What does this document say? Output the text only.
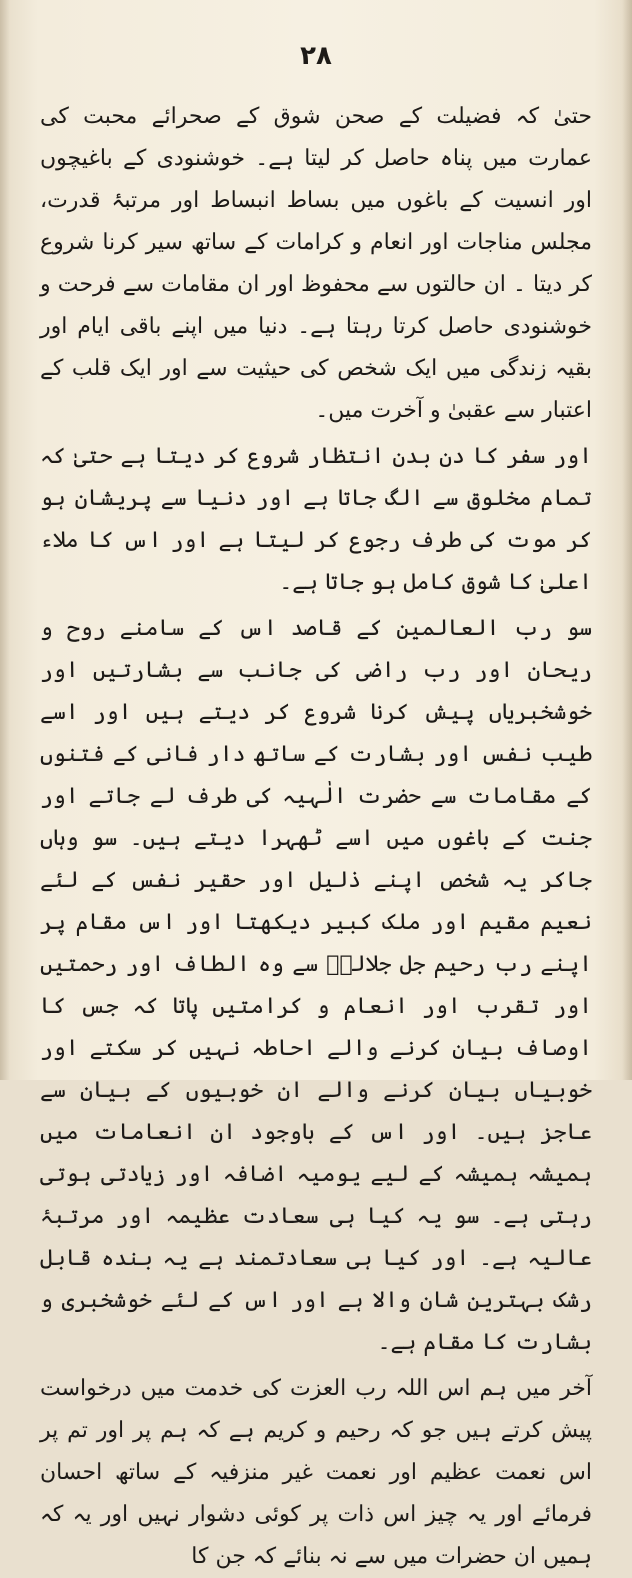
۲۸

حتیٰ کہ فضیلت کے صحن شوق کے صحرائے محبت کی عمارت میں پناہ حاصل کر لیتا ہے۔ خوشنودی کے باغیچوں اور انسیت کے باغوں میں بساط انبساط اور مرتبۂ قدرت، مجلس مناجات اور انعام و کرامات کے ساتھ سیر کرنا شروع کر دیتا ۔ ان حالتوں سے محفوظ اور ان مقامات سے فرحت و خوشنودی حاصل کرتا رہتا ہے۔ دنیا میں اپنے باقی ایام اور بقیہ زندگی میں ایک شخص کی حیثیت سے اور ایک قلب کے اعتبار سے عقبیٰ و آخرت میں۔

اور سفر کا دن بدن انتظار شروع کر دیتا ہے حتیٰ کہ تمام مخلوق سے الگ جاتا ہے اور دنیا سے پریشان ہو کر موت کی طرف رجوع کر لیتا ہے اور اس کا ملاء اعلیٰ کا شوق کامل ہو جاتا ہے۔

سو رب العالمین کے قاصد اس کے سامنے روح و ریحان اور رب راضی کی جانب سے بشارتیں اور خوشخبریاں پیش کرنا شروع کر دیتے ہیں اور اسے طیب نفس اور بشارت کے ساتھ دار فانی کے فتنوں کے مقامات سے حضرت الٰہیہ کی طرف لے جاتے اور جنت کے باغوں میں اسے ٹھہرا دیتے ہیں۔ سو وہاں جاکر یہ شخص اپنے ذلیل اور حقیر نفس کے لئے نعیم مقیم اور ملک کبیر دیکھتا اور اس مقام پر اپنے رب رحیم جل جلالہٗ سے وہ الطاف اور رحمتیں اور تقرب اور انعام و کرامتیں پاتا کہ جس کا اوصاف بیان کرنے والے احاطہ نہیں کر سکتے اور خوبیاں بیان کرنے والے ان خوبیوں کے بیان سے عاجز ہیں۔ اور اس کے باوجود ان انعامات میں ہمیشہ ہمیشہ کے لیے یومیہ اضافہ اور زیادتی ہوتی رہتی ہے۔ سو یہ کیا ہی سعادت عظیمہ اور مرتبۂ عالیہ ہے۔ اور کیا ہی سعادتمند ہے یہ بندہ قابل رشک بہترین شان والا ہے اور اس کے لئے خوشخبری و بشارت کا مقام ہے۔

آخر میں ہم اس اللہ رب العزت کی خدمت میں درخواست پیش کرتے ہیں جو کہ رحیم و کریم ہے کہ ہم پر اور تم پر اس نعمت عظیم اور نعمت غیر منزفیہ کے ساتھ احسان فرمائے اور یہ چیز اس ذات پر کوئی دشوار نہیں اور یہ کہ ہمیں ان حضرات میں سے نہ بنائے کہ جن کا
